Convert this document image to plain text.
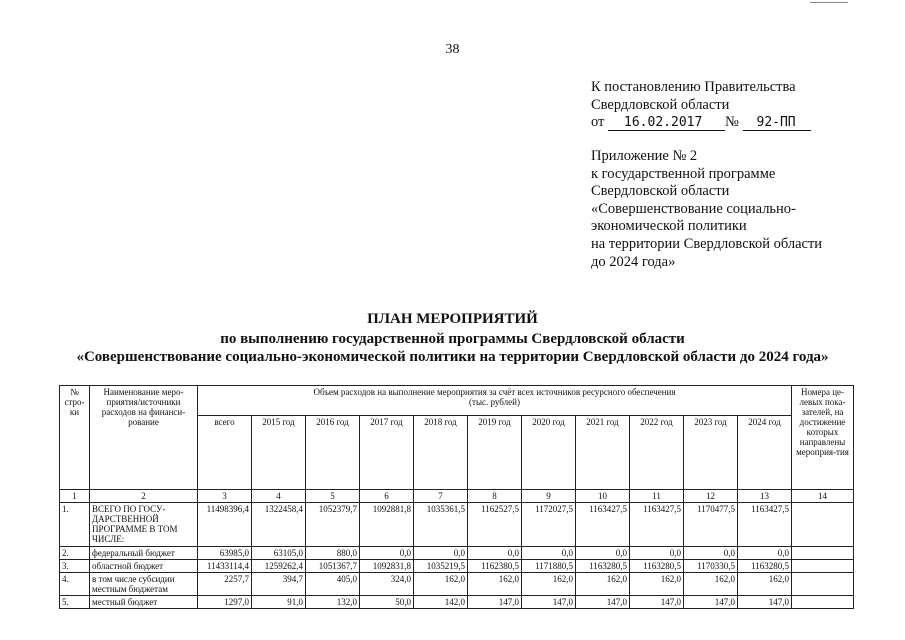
38
К постановлению Правительства
Свердловской области
от 16.02.2017 № 92-ПП
Приложение № 2
к государственной программе
Свердловской области
«Совершенствование социально-
экономической политики
на территории Свердловской области
до 2024 года»
ПЛАН МЕРОПРИЯТИЙ
по выполнению государственной программы Свердловской области
«Совершенствование социально-экономической политики на территории Свердловской области до 2024 года»
№ стро-ки	Наименование меро-приятия/источники расходов на финанси-рование	Объем расходов на выполнение мероприятия за счёт всех источников ресурсного обеспечения
(тыс. рублей)											Номера це-левых пока-зателей, на достижение которых направлены мероприя-тия
		всего	2015 год	2016 год	2017 год	2018 год	2019 год	2020 год	2021 год	2022 год	2023 год	2024 год	
1	2	3	4	5	6	7	8	9	10	11	12	13	14
1.	ВСЕГО ПО ГОСУ-ДАРСТВЕННОЙ ПРОГРАММЕ В ТОМ ЧИСЛЕ:	11498396,4	1322458,4	1052379,7	1092881,8	1035361,5	1162527,5	1172027,5	1163427,5	1163427,5	1170477,5	1163427,5	
2.	федеральный бюджет	63985,0	63105,0	880,0	0,0	0,0	0,0	0,0	0,0	0,0	0,0	0,0	
3.	областной бюджет	11433114,4	1259262,4	1051367,7	1092831,8	1035219,5	1162380,5	1171880,5	1163280,5	1163280,5	1170330,5	1163280,5	
4.	в том числе субсидии местным бюджетам	2257,7	394,7	405,0	324,0	162,0	162,0	162,0	162,0	162,0	162,0	162,0	
5.	местный бюджет	1297,0	91,0	132,0	50,0	142,0	147,0	147,0	147,0	147,0	147,0	147,0	
